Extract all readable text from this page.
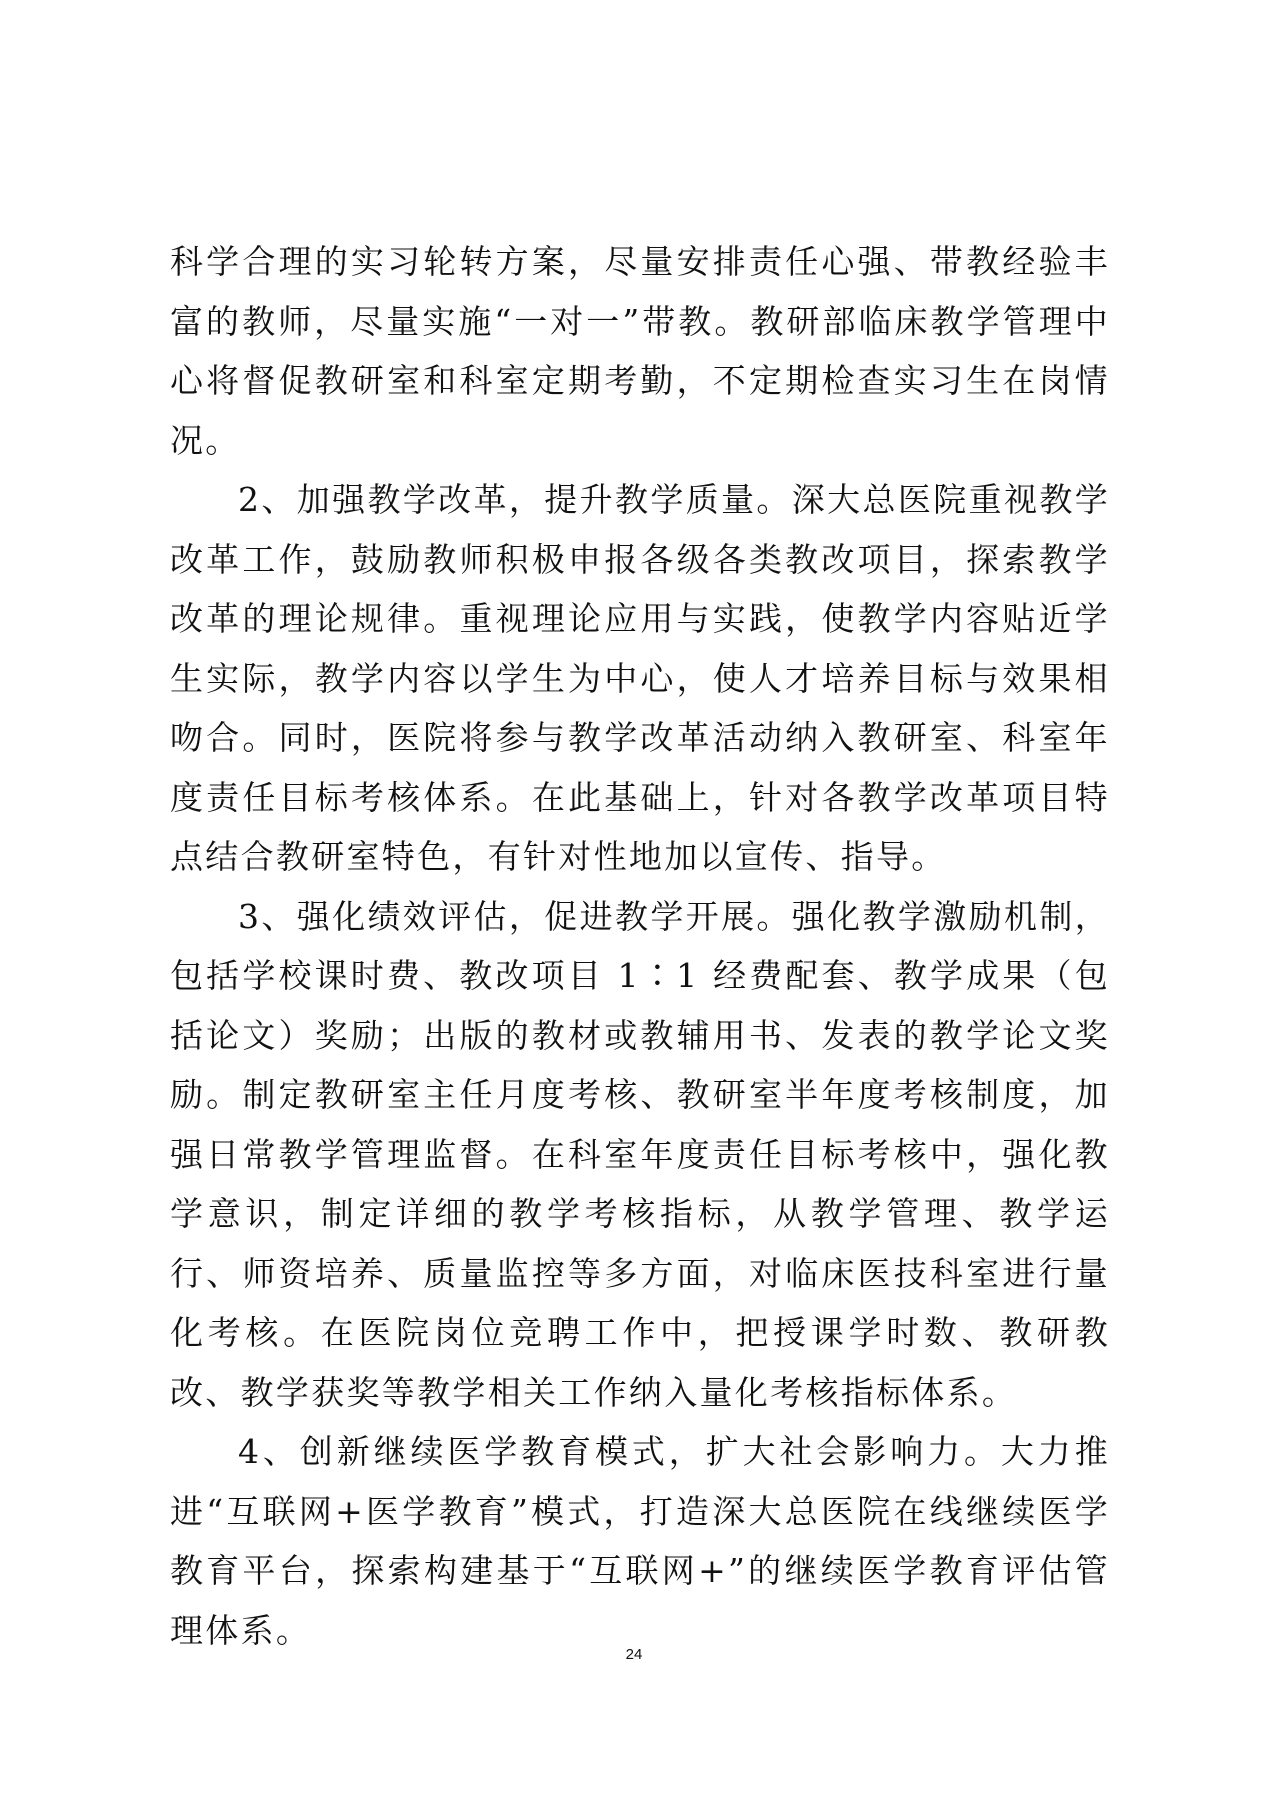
科学合理的实习轮转方案，尽量安排责任心强、带教经验丰富的教师，尽量实施“一对一”带教。教研部临床教学管理中心将督促教研室和科室定期考勤，不定期检查实习生在岗情况。

2、加强教学改革，提升教学质量。深大总医院重视教学改革工作，鼓励教师积极申报各级各类教改项目，探索教学改革的理论规律。重视理论应用与实践，使教学内容贴近学生实际，教学内容以学生为中心，使人才培养目标与效果相吻合。同时，医院将参与教学改革活动纳入教研室、科室年度责任目标考核体系。在此基础上，针对各教学改革项目特点结合教研室特色，有针对性地加以宣传、指导。

3、强化绩效评估，促进教学开展。强化教学激励机制，包括学校课时费、教改项目 1∶1 经费配套、教学成果（包括论文）奖励；出版的教材或教辅用书、发表的教学论文奖励。制定教研室主任月度考核、教研室半年度考核制度，加强日常教学管理监督。在科室年度责任目标考核中，强化教学意识，制定详细的教学考核指标，从教学管理、教学运行、师资培养、质量监控等多方面，对临床医技科室进行量化考核。在医院岗位竞聘工作中，把授课学时数、教研教改、教学获奖等教学相关工作纳入量化考核指标体系。

4、创新继续医学教育模式，扩大社会影响力。大力推进“互联网+医学教育”模式，打造深大总医院在线继续医学教育平台，探索构建基于“互联网+”的继续医学教育评估管理体系。

24
